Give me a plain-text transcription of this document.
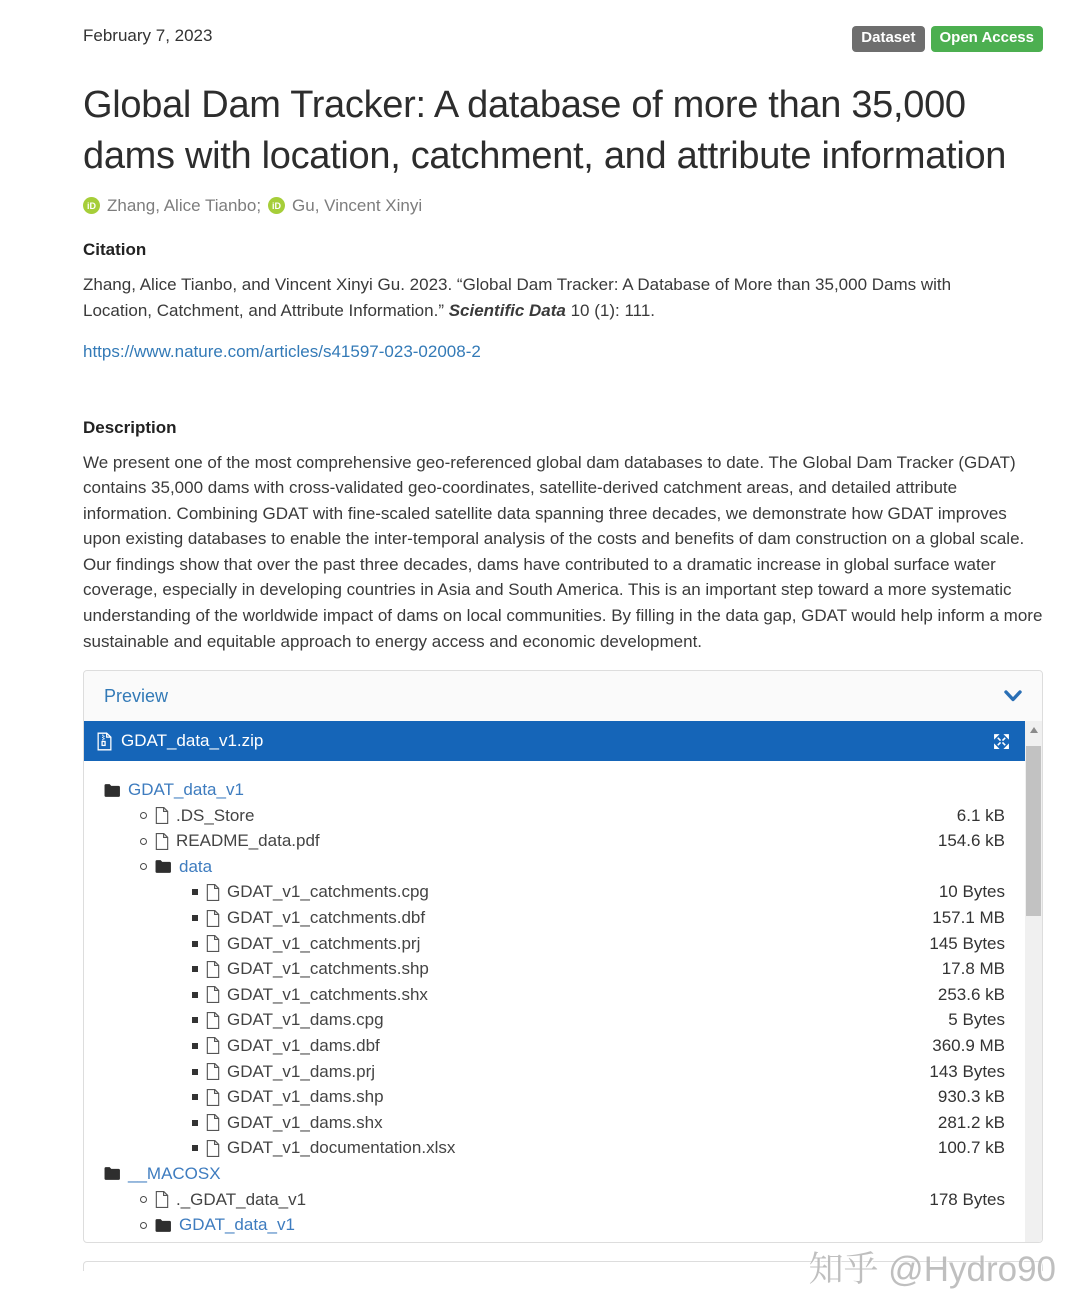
February 7, 2023	Dataset	Open Access
Global Dam Tracker: A database of more than 35,000 dams with location, catchment, and attribute information
iD Zhang, Alice Tianbo;	iD Gu, Vincent Xinyi
Citation

Zhang, Alice Tianbo, and Vincent Xinyi Gu. 2023. “Global Dam Tracker: A Database of More than 35,000 Dams with Location, Catchment, and Attribute Information.” Scientific Data 10 (1): 111.

https://www.nature.com/articles/s41597-023-02008-2
Description

We present one of the most comprehensive geo-referenced global dam databases to date. The Global Dam Tracker (GDAT) contains 35,000 dams with cross-validated geo-coordinates, satellite-derived catchment areas, and detailed attribute information. Combining GDAT with fine-scaled satellite data spanning three decades, we demonstrate how GDAT improves upon existing databases to enable the inter-temporal analysis of the costs and benefits of dam construction on a global scale. Our findings show that over the past three decades, dams have contributed to a dramatic increase in global surface water coverage, especially in developing countries in Asia and South America. This is an important step toward a more systematic understanding of the worldwide impact of dams on local communities. By filling in the data gap, GDAT would help inform a more sustainable and equitable approach to energy access and economic development.

Preview
GDAT_data_v1.zip
GDAT_data_v1
.DS_Store	6.1 kB
README_data.pdf	154.6 kB
data
GDAT_v1_catchments.cpg	10 Bytes
GDAT_v1_catchments.dbf	157.1 MB
GDAT_v1_catchments.prj	145 Bytes
GDAT_v1_catchments.shp	17.8 MB
GDAT_v1_catchments.shx	253.6 kB
GDAT_v1_dams.cpg	5 Bytes
GDAT_v1_dams.dbf	360.9 MB
GDAT_v1_dams.prj	143 Bytes
GDAT_v1_dams.shp	930.3 kB
GDAT_v1_dams.shx	281.2 kB
GDAT_v1_documentation.xlsx	100.7 kB
__MACOSX
._GDAT_data_v1	178 Bytes
GDAT_data_v1
知乎 @Hydro90
